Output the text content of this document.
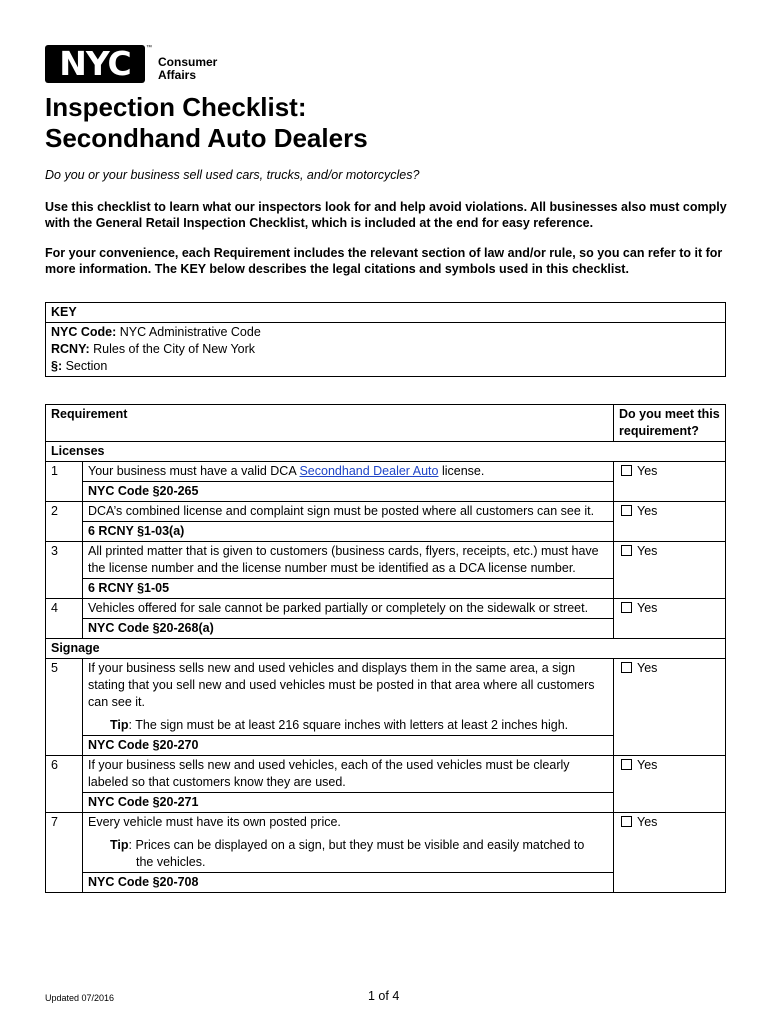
NYC	™
Consumer
Affairs
Inspection Checklist:
Secondhand Auto Dealers
Do you or your business sell used cars, trucks, and/or motorcycles?
Use this checklist to learn what our inspectors look for and help avoid violations. All businesses also must comply with the General Retail Inspection Checklist, which is included at the end for easy reference.
For your convenience, each Requirement includes the relevant section of law and/or rule, so you can refer to it for more information. The KEY below describes the legal citations and symbols used in this checklist.
KEY

NYC Code: NYC Administrative Code
RCNY: Rules of the City of New York
§: Section
Requirement		Do you meet this requirement?
Licenses		
1	Your business must have a valid DCA Secondhand Dealer Auto license.	Yes
	NYC Code §20-265	
2	DCA’s combined license and complaint sign must be posted where all customers can see it.	Yes
	6 RCNY §1-03(a)	
3	All printed matter that is given to customers (business cards, flyers, receipts, etc.) must have the license number and the license number must be identified as a DCA license number.	Yes
	6 RCNY §1-05	
4	Vehicles offered for sale cannot be parked partially or completely on the sidewalk or street.	Yes
	NYC Code §20-268(a)	
Signage		
5	If your business sells new and used vehicles and displays them in the same area, a sign stating that you sell new and used vehicles must be posted in that area where all customers can see it.
Tip: The sign must be at least 216 square inches with letters at least 2 inches high.	Yes
	NYC Code §20-270	
6	If your business sells new and used vehicles, each of the used vehicles must be clearly labeled so that customers know they are used.	Yes
	NYC Code §20-271	
7	Every vehicle must have its own posted price.
Tip: Prices can be displayed on a sign, but they must be visible and easily matched to
the vehicles.	Yes
	NYC Code §20-708	
Updated 07/2016	1 of 4
